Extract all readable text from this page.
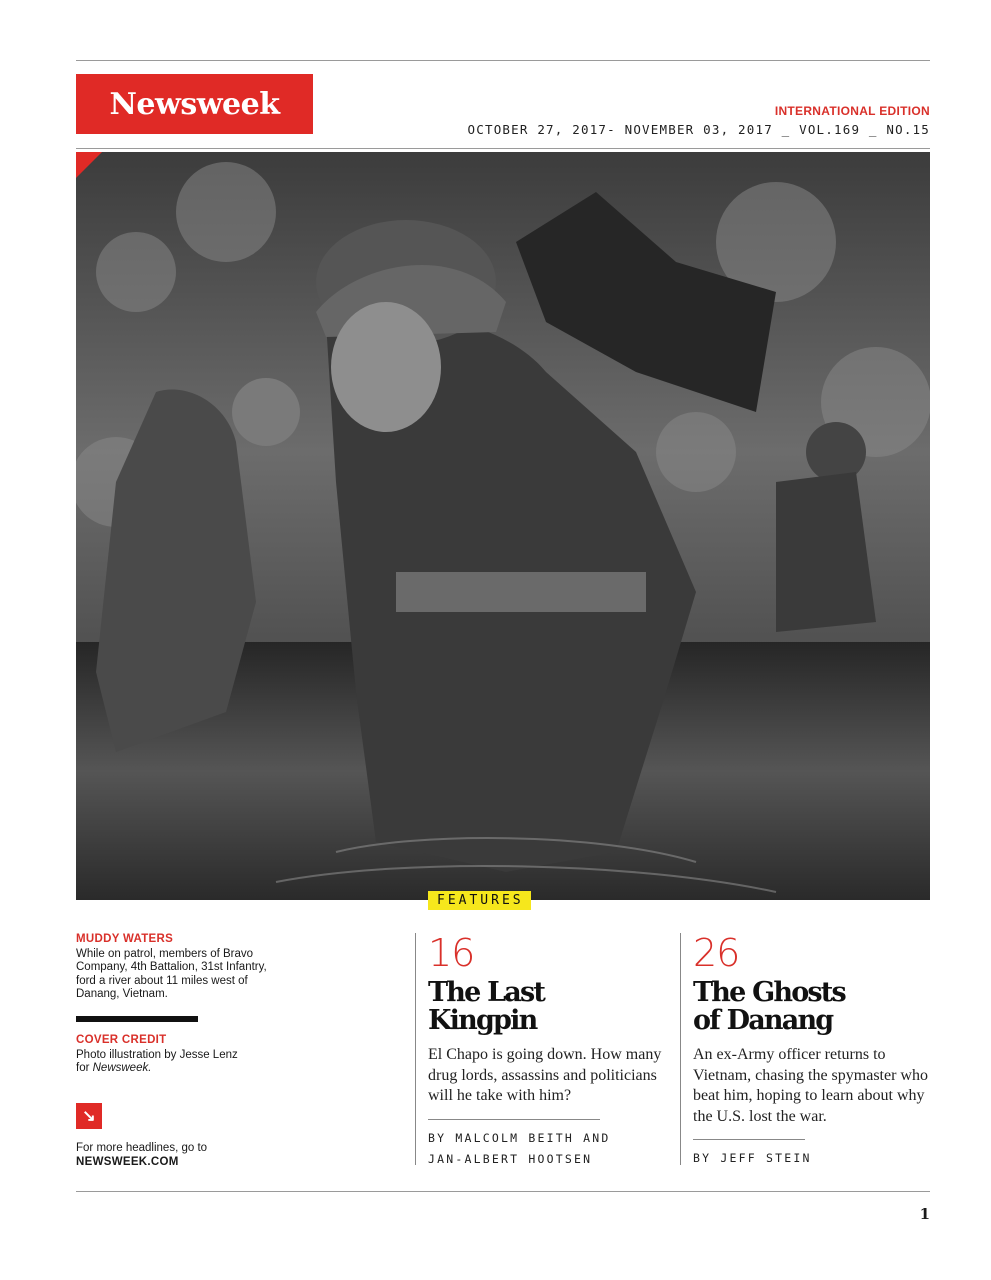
Newsweek	INTERNATIONAL EDITION
OCTOBER 27, 2017- NOVEMBER 03, 2017 _ VOL.169 _ NO.15
FEATURES
MUDDY WATERS
While on patrol, members of Bravo Company, 4th Battalion, 31st Infantry, ford a river about 11 miles west of Danang, Vietnam.
COVER CREDIT
Photo illustration by Jesse Lenz
for Newsweek.
↘
For more headlines, go to
NEWSWEEK.COM
16
The Last
Kingpin
El Chapo is going down. How many drug lords, assassins and politicians will he take with him?
BY MALCOLM BEITH AND
JAN-ALBERT HOOTSEN
26
The Ghosts
of Danang
An ex-Army officer returns to Vietnam, chasing the spymaster who beat him, hoping to learn about why the U.S. lost the war.
BY JEFF STEIN
1
